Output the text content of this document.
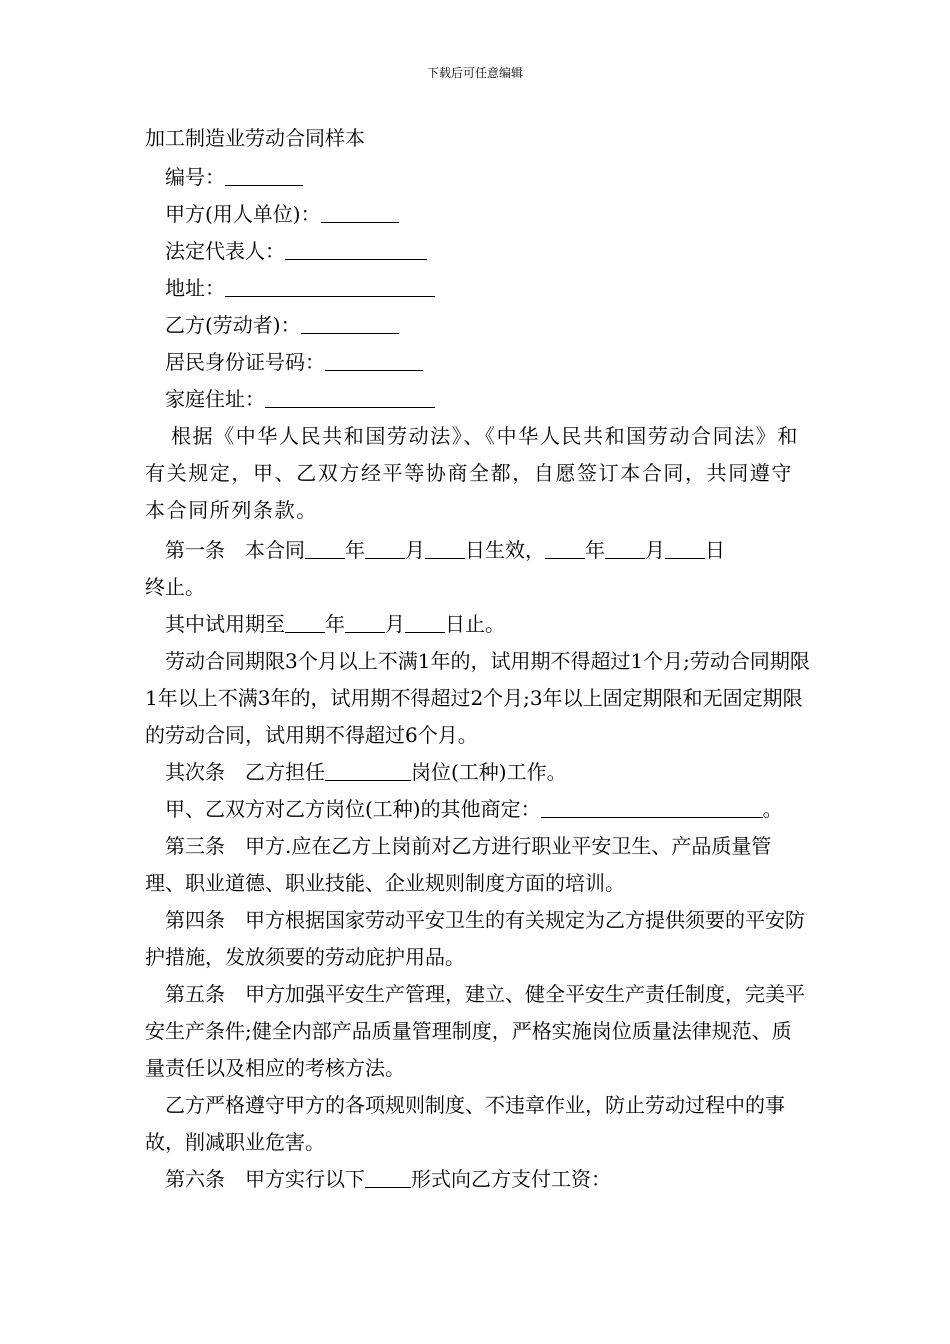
下载后可任意编辑
加工制造业劳动合同样本
编号：
甲方(用人单位)：
法定代表人：
地址：
乙方(劳动者)：
居民身份证号码：
家庭住址：

根据《中华人民共和国劳动法》、《中华人民共和国劳动合同法》和有关规定，甲、乙双方经平等协商全都，自愿签订本合同，共同遵守本合同所列条款。

第一条　本合同 年 月 日生效， 年 月 日
终止。

其中试用期至 年 月 日止。

劳动合同期限3个月以上不满1年的，试用期不得超过1个月;劳动合同期限1年以上不满3年的，试用期不得超过2个月;3年以上固定期限和无固定期限的劳动合同，试用期不得超过6个月。

其次条　乙方担任	岗位(工种)工作。

甲、乙双方对乙方岗位(工种)的其他商定：	。

第三条　甲方.应在乙方上岗前对乙方进行职业平安卫生、产品质量管理、职业道德、职业技能、企业规则制度方面的培训。

第四条　甲方根据国家劳动平安卫生的有关规定为乙方提供须要的平安防护措施，发放须要的劳动庇护用品。

第五条　甲方加强平安生产管理，建立、健全平安生产责任制度，完美平安生产条件;健全内部产品质量管理制度，严格实施岗位质量法律规范、质量责任以及相应的考核方法。

乙方严格遵守甲方的各项规则制度、不违章作业，防止劳动过程中的事故，削减职业危害。

第六条　甲方实行以下 形式向乙方支付工资：
